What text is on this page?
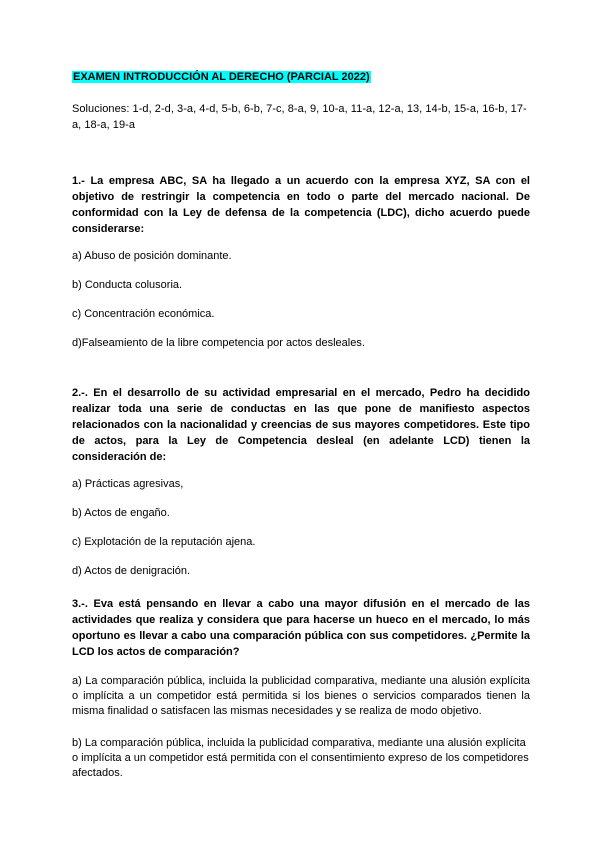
EXAMEN INTRODUCCIÓN AL DERECHO (PARCIAL 2022)
Soluciones: 1-d, 2-d, 3-a, 4-d, 5-b, 6-b, 7-c, 8-a, 9, 10-a, 11-a, 12-a, 13, 14-b, 15-a, 16-b, 17-a, 18-a, 19-a
1.- La empresa ABC, SA ha llegado a un acuerdo con la empresa XYZ, SA con el objetivo de restringir la competencia en todo o parte del mercado nacional. De conformidad con la Ley de defensa de la competencia (LDC), dicho acuerdo puede considerarse:
a) Abuso de posición dominante.
b) Conducta colusoria.
c) Concentración económica.
d)Falseamiento de la libre competencia por actos desleales.
2.-. En el desarrollo de su actividad empresarial en el mercado, Pedro ha decidido realizar toda una serie de conductas en las que pone de manifiesto aspectos relacionados con la nacionalidad y creencias de sus mayores competidores. Este tipo de actos, para la Ley de Competencia desleal (en adelante LCD) tienen la consideración de:
a) Prácticas agresivas,
b) Actos de engaño.
c) Explotación de la reputación ajena.
d) Actos de denigración.
3.-. Eva está pensando en llevar a cabo una mayor difusión en el mercado de las actividades que realiza y considera que para hacerse un hueco en el mercado, lo más oportuno es llevar a cabo una comparación pública con sus competidores. ¿Permite la LCD los actos de comparación?
a) La comparación pública, incluida la publicidad comparativa, mediante una alusión explícita o implícita a un competidor está permitida si los bienes o servicios comparados tienen la misma finalidad o satisfacen las mismas necesidades y se realiza de modo objetivo.
b) La comparación pública, incluida la publicidad comparativa, mediante una alusión explícita o implícita a un competidor está permitida con el consentimiento expreso de los competidores afectados.
